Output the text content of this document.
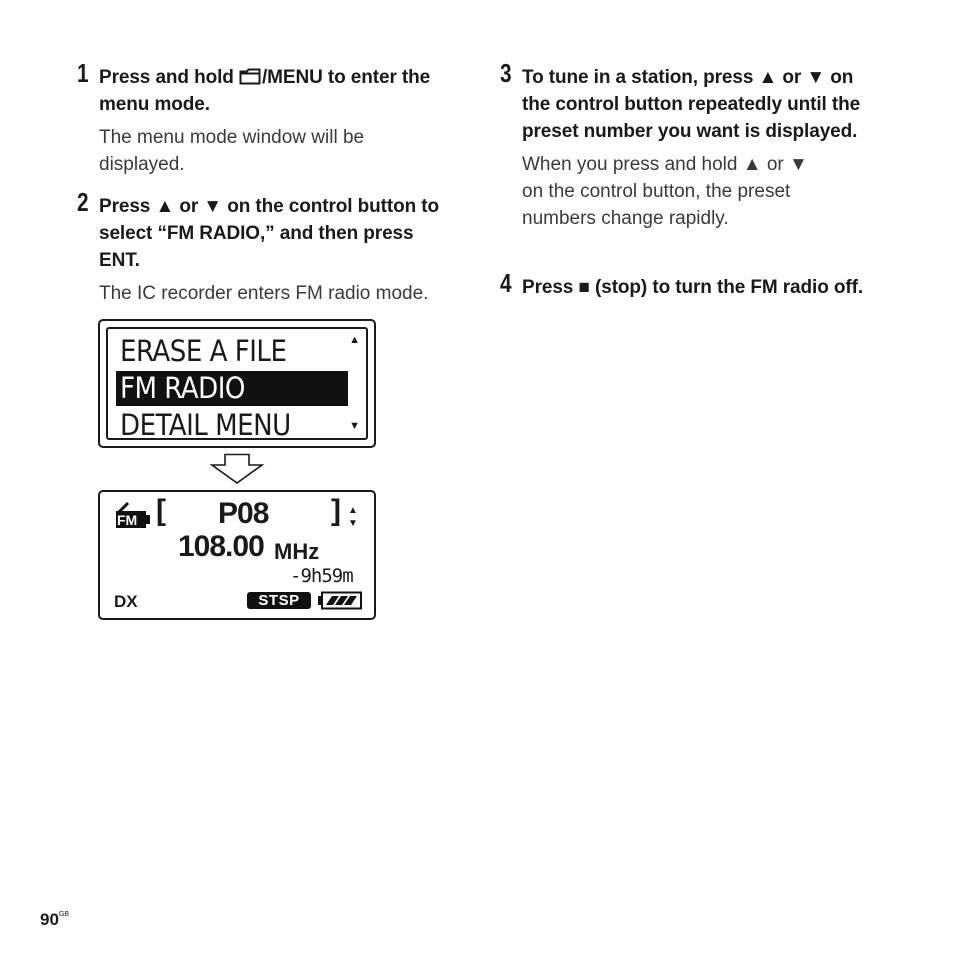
1 Press and hold /MENU to enter the menu mode.
The menu mode window will be displayed.
2 Press ▲ or ▼ on the control button to select “FM RADIO,” and then press ENT.
The IC recorder enters FM radio mode.
ERASE A FILE
FM RADIO
DETAIL MENU
▲
▼
FM [ P08 ] ▲
▼
108.00 MHz
-9h59m
DX	STSP
3 To tune in a station, press ▲ or ▼ on the control button repeatedly until the preset number you want is displayed.
When you press and hold ▲ or ▼ on the control button, the preset numbers change rapidly.
4 Press ■ (stop) to turn the FM radio off.
$90^{GB}$
